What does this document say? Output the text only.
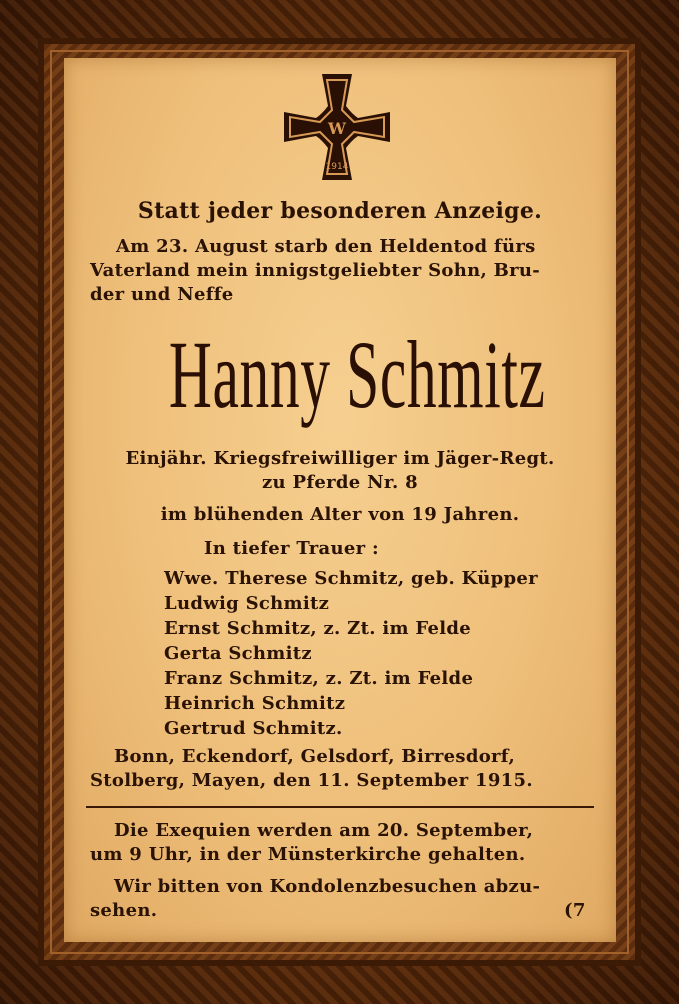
W
1914
Statt jeder besonderen Anzeige.
Am 23. August starb den Heldentod fürs
Vaterland mein innigstgeliebter Sohn, Bru-
der und Neffe
Hanny Schmitz
Einjähr. Kriegsfreiwilliger im Jäger-Regt.
zu Pferde Nr. 8
im blühenden Alter von 19 Jahren.
In tiefer Trauer :
Wwe. Therese Schmitz, geb. Küpper
Ludwig Schmitz
Ernst Schmitz, z. Zt. im Felde
Gerta Schmitz
Franz Schmitz, z. Zt. im Felde
Heinrich Schmitz
Gertrud Schmitz.
Bonn, Eckendorf, Gelsdorf, Birresdorf,
Stolberg, Mayen, den 11. September 1915.
Die Exequien werden am 20. September,
um 9 Uhr, in der Münsterkirche gehalten.
Wir bitten von Kondolenzbesuchen abzu-
sehen.	(7
